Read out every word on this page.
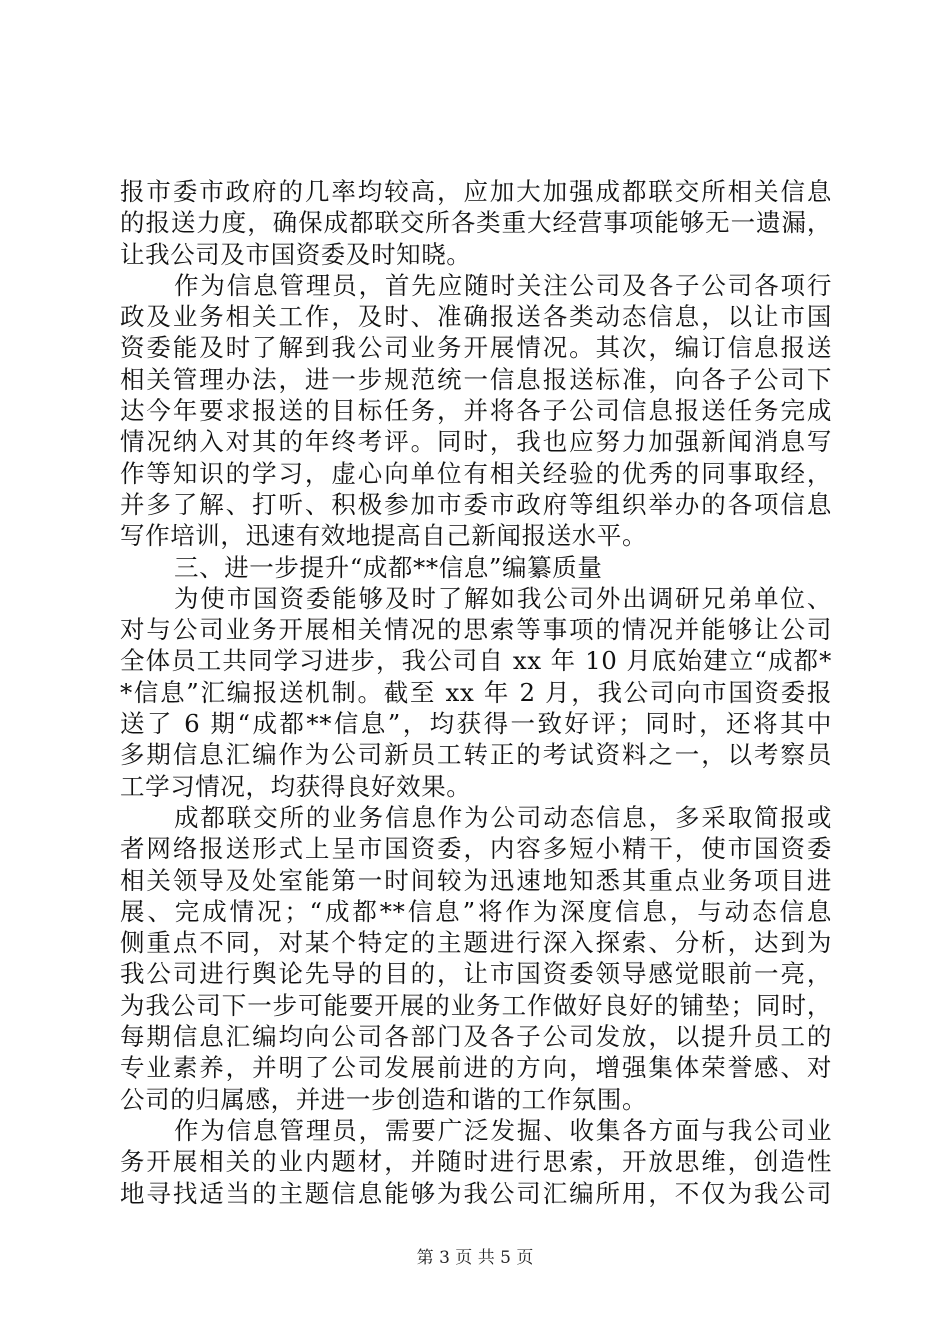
报市委市政府的几率均较高，应加大加强成都联交所相关信息
的报送力度，确保成都联交所各类重大经营事项能够无一遗漏，
让我公司及市国资委及时知晓。
作为信息管理员，首先应随时关注公司及各子公司各项行
政及业务相关工作，及时、准确报送各类动态信息，以让市国
资委能及时了解到我公司业务开展情况。其次，编订信息报送
相关管理办法，进一步规范统一信息报送标准，向各子公司下
达今年要求报送的目标任务，并将各子公司信息报送任务完成
情况纳入对其的年终考评。同时，我也应努力加强新闻消息写
作等知识的学习，虚心向单位有相关经验的优秀的同事取经，
并多了解、打听、积极参加市委市政府等组织举办的各项信息
写作培训，迅速有效地提高自己新闻报送水平。
三、进一步提升“成都**信息”编纂质量
为使市国资委能够及时了解如我公司外出调研兄弟单位、
对与公司业务开展相关情况的思索等事项的情况并能够让公司
全体员工共同学习进步，我公司自 xx 年 10 月底始建立“成都*
*信息”汇编报送机制。截至 xx 年 2 月，我公司向市国资委报
送了 6 期“成都**信息”，均获得一致好评；同时，还将其中
多期信息汇编作为公司新员工转正的考试资料之一，以考察员
工学习情况，均获得良好效果。
成都联交所的业务信息作为公司动态信息，多采取简报或
者网络报送形式上呈市国资委，内容多短小精干，使市国资委
相关领导及处室能第一时间较为迅速地知悉其重点业务项目进
展、完成情况；“成都**信息”将作为深度信息，与动态信息
侧重点不同，对某个特定的主题进行深入探索、分析，达到为
我公司进行舆论先导的目的，让市国资委领导感觉眼前一亮，
为我公司下一步可能要开展的业务工作做好良好的铺垫；同时，
每期信息汇编均向公司各部门及各子公司发放，以提升员工的
专业素养，并明了公司发展前进的方向，增强集体荣誉感、对
公司的归属感，并进一步创造和谐的工作氛围。
作为信息管理员，需要广泛发掘、收集各方面与我公司业
务开展相关的业内题材，并随时进行思索，开放思维，创造性
地寻找适当的主题信息能够为我公司汇编所用，不仅为我公司
第 3 页 共 5 页
